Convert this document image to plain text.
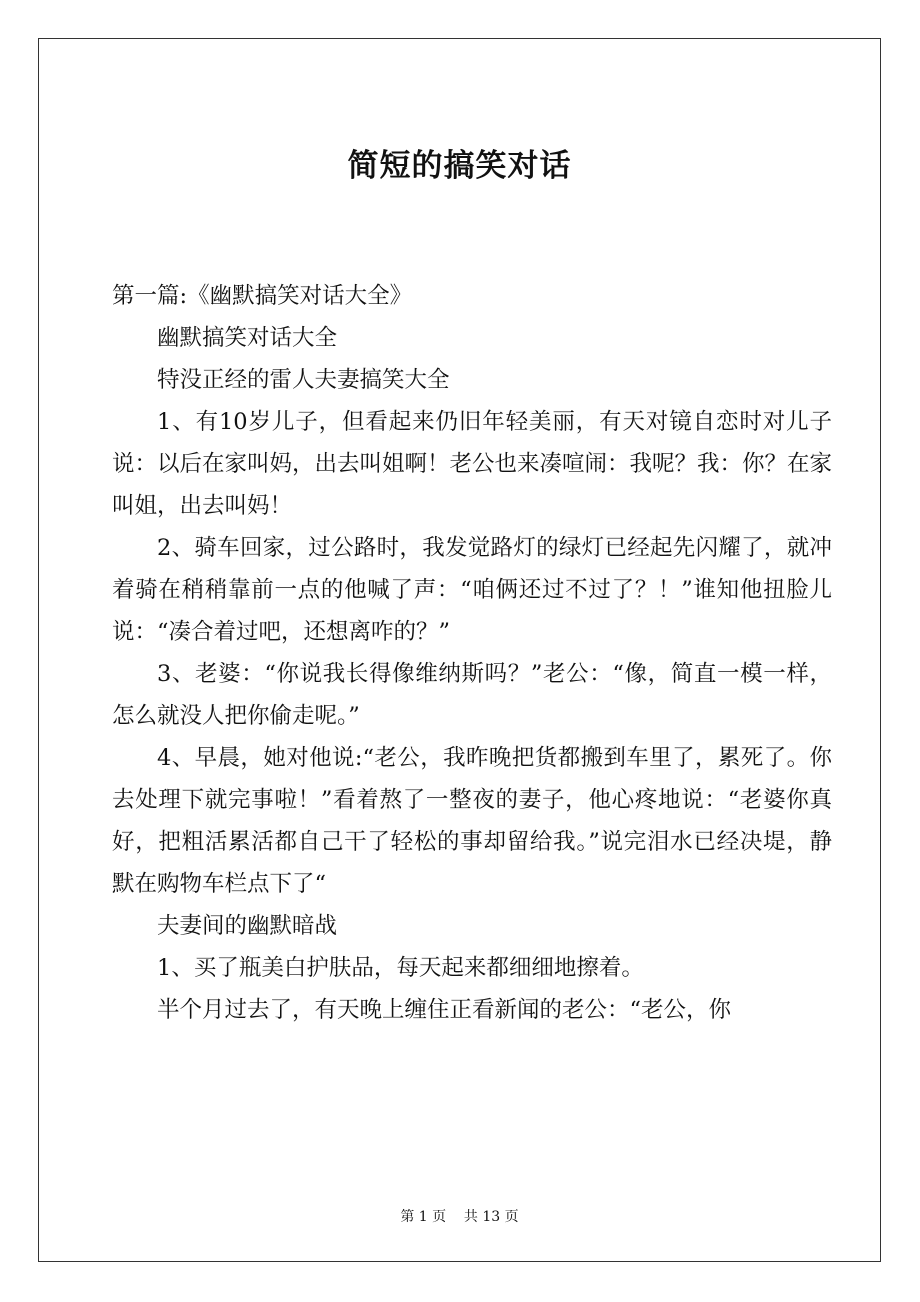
简短的搞笑对话

第一篇:《幽默搞笑对话大全》

幽默搞笑对话大全

特没正经的雷人夫妻搞笑大全

1、有10岁儿子，但看起来仍旧年轻美丽，有天对镜自恋时对儿子说：以后在家叫妈，出去叫姐啊！老公也来凑喧闹：我呢？我：你？在家叫姐，出去叫妈！

2、骑车回家，过公路时，我发觉路灯的绿灯已经起先闪耀了，就冲着骑在稍稍靠前一点的他喊了声：“咱俩还过不过了？！”谁知他扭脸儿说：“凑合着过吧，还想离咋的？”

3、老婆：“你说我长得像维纳斯吗？”老公：“像，简直一模一样，怎么就没人把你偷走呢。”

4、早晨，她对他说:“老公，我昨晚把货都搬到车里了，累死了。你去处理下就完事啦！”看着熬了一整夜的妻子，他心疼地说：“老婆你真好，把粗活累活都自己干了轻松的事却留给我。”说完泪水已经决堤，静默在购物车栏点下了“

夫妻间的幽默暗战

1、买了瓶美白护肤品，每天起来都细细地擦着。

半个月过去了，有天晚上缠住正看新闻的老公：“老公，你

第 1 页    共 13 页
